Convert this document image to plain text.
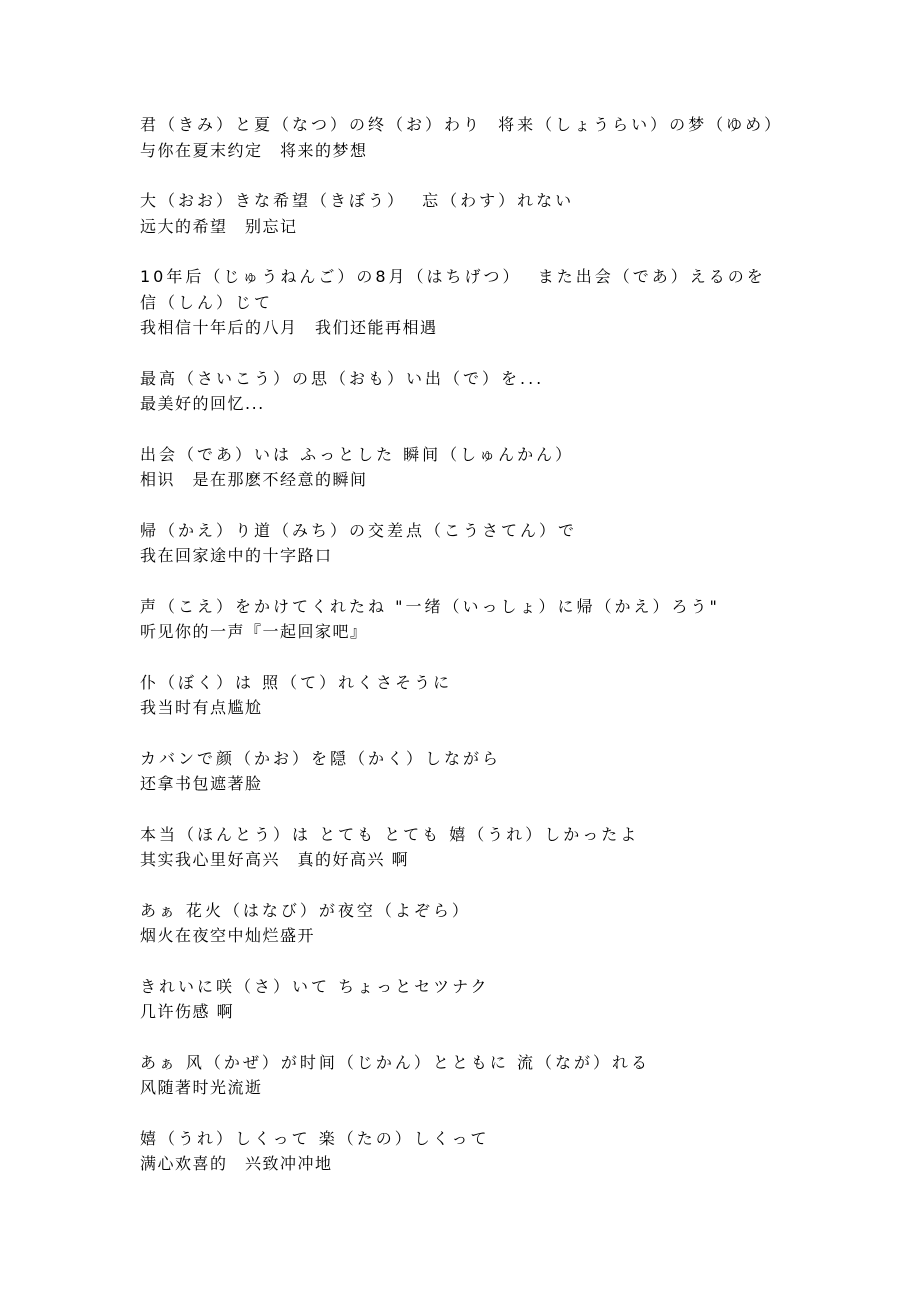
君（きみ）と夏（なつ）の终（お）わり  将来（しょうらい）の梦（ゆめ）
与你在夏末约定　将来的梦想
大（おお）きな希望（きぼう）  忘（わす）れない
远大的希望　别忘记
10年后（じゅうねんご）の8月（はちげつ）  また出会（であ）えるのを 信（しん）じて
我相信十年后的八月　我们还能再相遇
最高（さいこう）の思（おも）い出（で）を...
最美好的回忆...
出会（であ）いは ふっとした 瞬间（しゅんかん）
相识　是在那麽不经意的瞬间
帰（かえ）り道（みち）の交差点（こうさてん）で
我在回家途中的十字路口
声（こえ）をかけてくれたね "一绪（いっしょ）に帰（かえ）ろう"
听见你的一声『一起回家吧』
仆（ぼく）は 照（て）れくさそうに
我当时有点尴尬
カバンで颜（かお）を隠（かく）しながら
还拿书包遮著脸
本当（ほんとう）は とても とても 嬉（うれ）しかったよ
其实我心里好高兴　真的好高兴 啊
あぁ 花火（はなび）が夜空（よぞら）
烟火在夜空中灿烂盛开
きれいに咲（さ）いて ちょっとセツナク
几许伤感 啊
あぁ 风（かぜ）が时间（じかん）とともに 流（なが）れる
风随著时光流逝
嬉（うれ）しくって 楽（たの）しくって
满心欢喜的　兴致冲冲地
